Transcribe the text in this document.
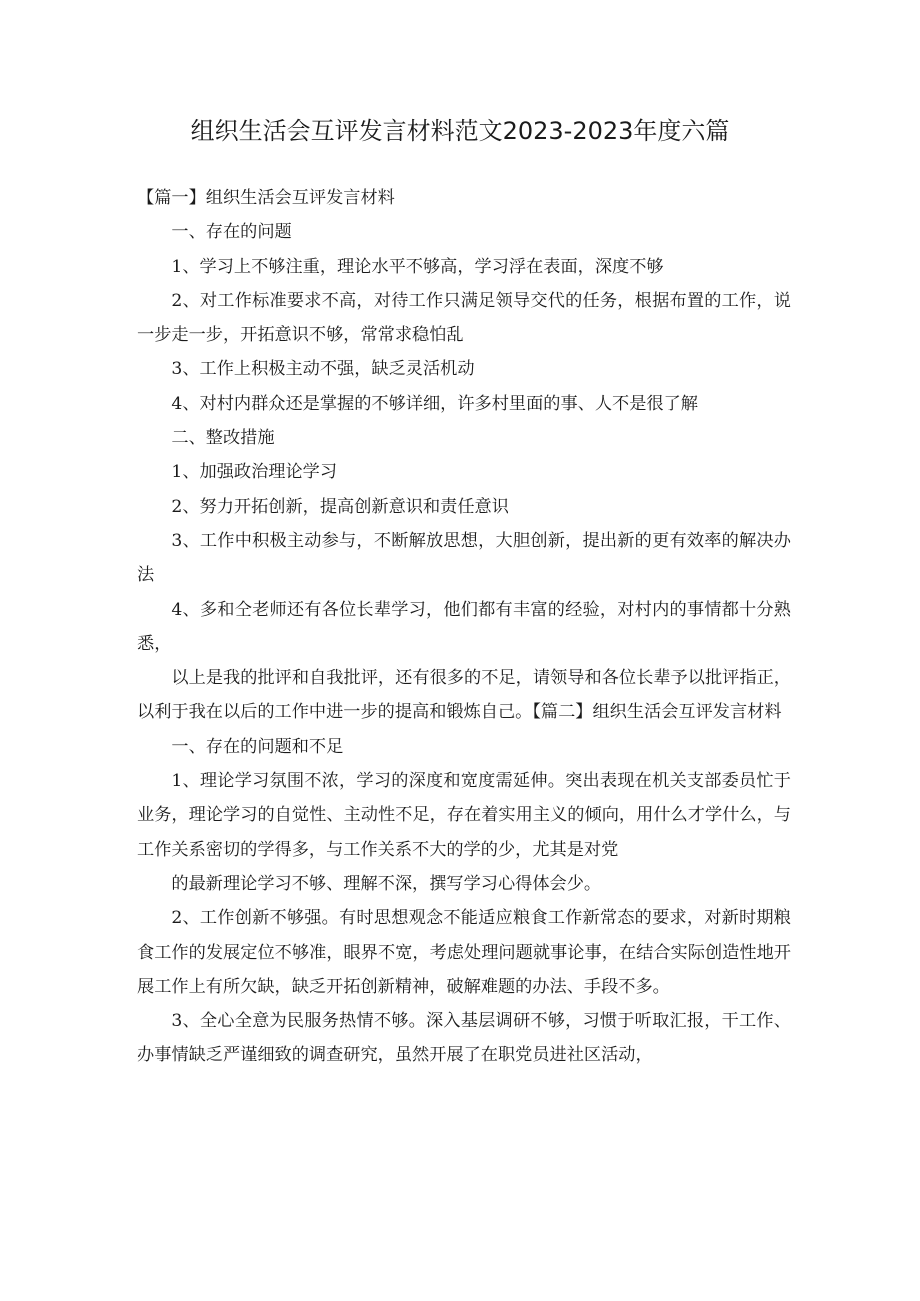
组织生活会互评发言材料范文2023-2023年度六篇

【篇一】组织生活会互评发言材料

一、存在的问题

1、学习上不够注重，理论水平不够高，学习浮在表面，深度不够

2、对工作标准要求不高，对待工作只满足领导交代的任务，根据布置的工作，说一步走一步，开拓意识不够，常常求稳怕乱

3、工作上积极主动不强，缺乏灵活机动

4、对村内群众还是掌握的不够详细，许多村里面的事、人不是很了解

二、整改措施

1、加强政治理论学习

2、努力开拓创新，提高创新意识和责任意识

3、工作中积极主动参与，不断解放思想，大胆创新，提出新的更有效率的解决办法

4、多和仝老师还有各位长辈学习，他们都有丰富的经验，对村内的事情都十分熟悉，

以上是我的批评和自我批评，还有很多的不足，请领导和各位长辈予以批评指正，以利于我在以后的工作中进一步的提高和锻炼自己。【篇二】组织生活会互评发言材料

一、存在的问题和不足

1、理论学习氛围不浓，学习的深度和宽度需延伸。突出表现在机关支部委员忙于业务，理论学习的自觉性、主动性不足，存在着实用主义的倾向，用什么才学什么，与工作关系密切的学得多，与工作关系不大的学的少，尤其是对党

的最新理论学习不够、理解不深，撰写学习心得体会少。

2、工作创新不够强。有时思想观念不能适应粮食工作新常态的要求，对新时期粮食工作的发展定位不够准，眼界不宽，考虑处理问题就事论事，在结合实际创造性地开展工作上有所欠缺，缺乏开拓创新精神，破解难题的办法、手段不多。

3、全心全意为民服务热情不够。深入基层调研不够，习惯于听取汇报，干工作、办事情缺乏严谨细致的调查研究，虽然开展了在职党员进社区活动，
